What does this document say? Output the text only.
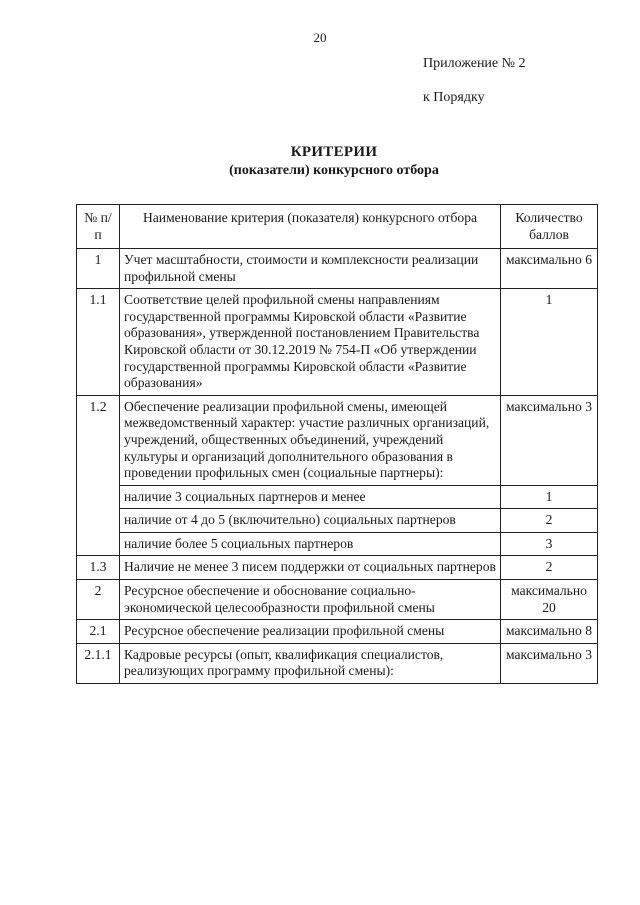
20
Приложение № 2
к Порядку
КРИТЕРИИ
(показатели) конкурсного отбора
№ п/п	Наименование критерия (показателя) конкурсного отбора	Количество баллов
1	Учет масштабности, стоимости и комплексности реализации профильной смены	максимально 6
1.1	Соответствие целей профильной смены направлениям государственной программы Кировской области «Развитие образования», утвержденной постановлением Правительства Кировской области от 30.12.2019 № 754-П «Об утверждении государственной программы Кировской области «Развитие образования»	1
1.2	Обеспечение реализации профильной смены, имеющей межведомственный характер: участие различных организаций, учреждений, общественных объединений, учреждений культуры и организаций дополнительного образования в проведении профильных смен (социальные партнеры):	максимально 3
	наличие 3 социальных партнеров и менее	1
	наличие от 4 до 5 (включительно) социальных партнеров	2
	наличие более 5 социальных партнеров	3
1.3	Наличие не менее 3 писем поддержки от социальных партнеров	2
2	Ресурсное обеспечение и обоснование социально-экономической целесообразности профильной смены	максимально 20
2.1	Ресурсное обеспечение реализации профильной смены	максимально 8
2.1.1	Кадровые ресурсы (опыт, квалификация специалистов, реализующих программу профильной смены):	максимально 3
